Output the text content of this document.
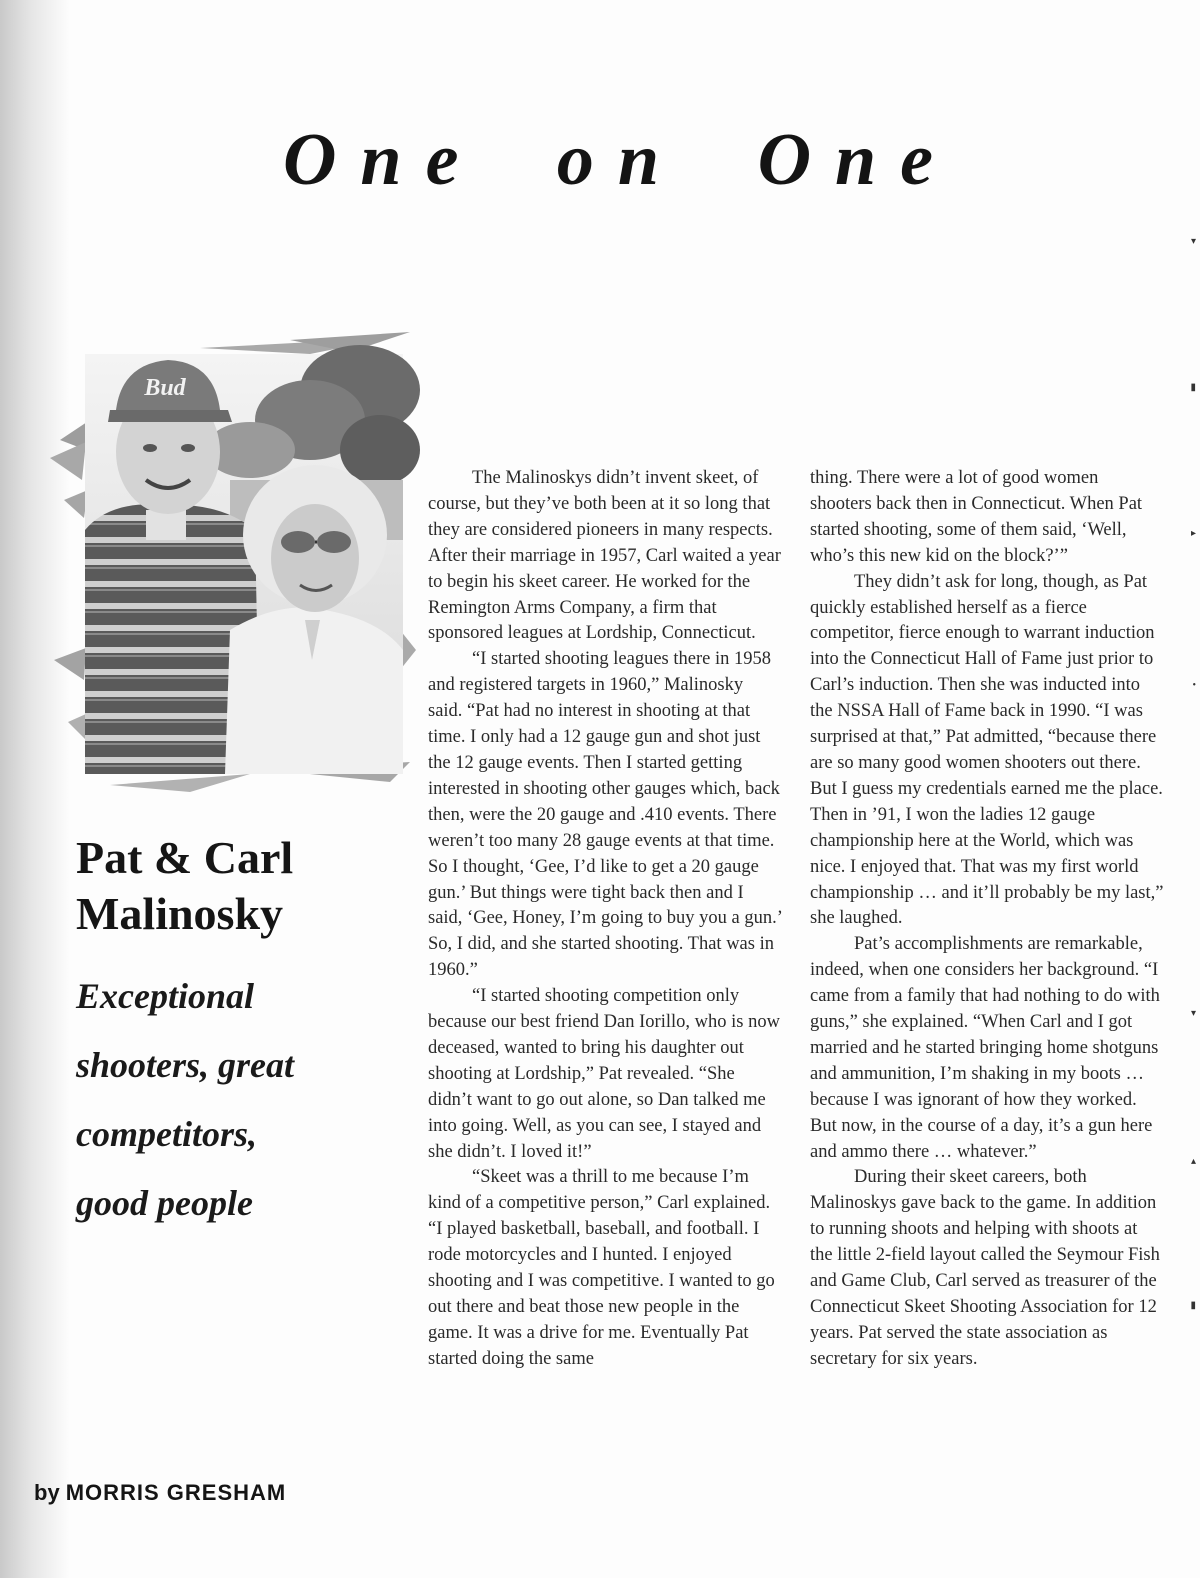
One on One
Bud
Pat & Carl
Malinosky

Exceptional
shooters, great
competitors,
good people

by MORRIS GRESHAM

The Malinoskys didn’t invent skeet, of course, but they’ve both been at it so long that they are considered pioneers in many respects. After their marriage in 1957, Carl waited a year to begin his skeet career. He worked for the Remington Arms Company, a firm that sponsored leagues at Lordship, Connecticut.

“I started shooting leagues there in 1958 and registered targets in 1960,” Malinosky said. “Pat had no interest in shooting at that time. I only had a 12 gauge gun and shot just the 12 gauge events. Then I started getting interested in shooting other gauges which, back then, were the 20 gauge and .410 events. There weren’t too many 28 gauge events at that time. So I thought, ‘Gee, I’d like to get a 20 gauge gun.’ But things were tight back then and I said, ‘Gee, Honey, I’m going to buy you a gun.’ So, I did, and she started shooting. That was in 1960.”

“I started shooting competition only because our best friend Dan Iorillo, who is now deceased, wanted to bring his daughter out shooting at Lordship,” Pat revealed. “She didn’t want to go out alone, so Dan talked me into going. Well, as you can see, I stayed and she didn’t. I loved it!”

“Skeet was a thrill to me because I’m kind of a competitive person,” Carl explained. “I played basketball, baseball, and football. I rode motorcycles and I hunted. I enjoyed shooting and I was competitive. I wanted to go out there and beat those new people in the game. It was a drive for me. Eventually Pat started doing the same

thing. There were a lot of good women shooters back then in Connecticut. When Pat started shooting, some of them said, ‘Well, who’s this new kid on the block?’”

They didn’t ask for long, though, as Pat quickly established herself as a fierce competitor, fierce enough to warrant induction into the Connecticut Hall of Fame just prior to Carl’s induction. Then she was inducted into the NSSA Hall of Fame back in 1990. “I was surprised at that,” Pat admitted, “because there are so many good women shooters out there. But I guess my credentials earned me the place. Then in ’91, I won the ladies 12 gauge championship here at the World, which was nice. I enjoyed that. That was my first world championship … and it’ll probably be my last,” she laughed.

Pat’s accomplishments are remarkable, indeed, when one considers her background. “I came from a family that had nothing to do with guns,” she explained. “When Carl and I got married and he started bringing home shotguns and ammunition, I’m shaking in my boots … because I was ignorant of how they worked. But now, in the course of a day, it’s a gun here and ammo there … whatever.”

During their skeet careers, both Malinoskys gave back to the game. In addition to running shoots and helping with shoots at the little 2-field layout called the Seymour Fish and Game Club, Carl served as treasurer of the Connecticut Skeet Shooting Association for 12 years. Pat served the state association as secretary for six years.

▾
▮
▸
•
▾
▴
▮
